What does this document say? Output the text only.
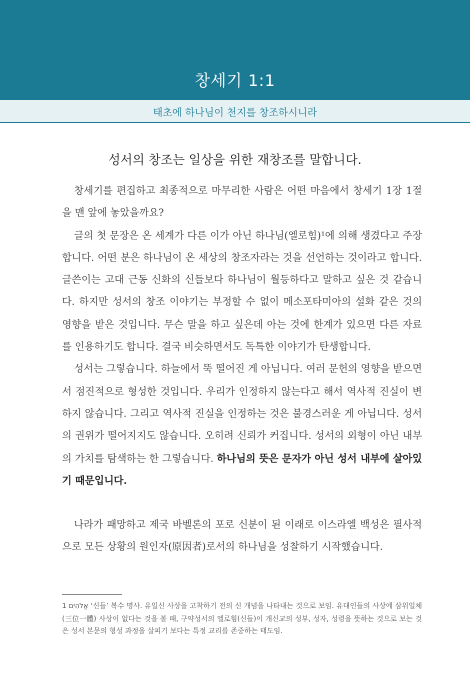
창세기 1:1
태초에 하나님이 천지를 창조하시니라
성서의 창조는 일상을 위한 재창조를 말합니다.

창세기를 편집하고 최종적으로 마무리한 사람은 어떤 마음에서 창세기 1장 1절을 맨 앞에 놓았을까요?

글의 첫 문장은 온 세계가 다른 이가 아닌 하나님(엘로힘)¹에 의해 생겼다고 주장합니다. 어떤 분은 하나님이 온 세상의 창조자라는 것을 선언하는 것이라고 합니다. 글쓴이는 고대 근동 신화의 신들보다 하나님이 월등하다고 말하고 싶은 것 같습니다. 하지만 성서의 창조 이야기는 부정할 수 없이 메소포타미아의 설화 같은 것의 영향을 받은 것입니다. 무슨 말을 하고 싶은데 아는 것에 한계가 있으면 다른 자료를 인용하기도 합니다. 결국 비슷하면서도 독특한 이야기가 탄생합니다.

성서는 그렇습니다. 하늘에서 뚝 떨어진 게 아닙니다. 여러 문헌의 영향을 받으면서 점진적으로 형성한 것입니다. 우리가 인정하지 않는다고 해서 역사적 진실이 변하지 않습니다. 그리고 역사적 진실을 인정하는 것은 불경스러운 게 아닙니다. 성서의 권위가 떨어지지도 않습니다. 오히려 신뢰가 커집니다. 성서의 외형이 아닌 내부의 가치를 탐색하는 한 그렇습니다. 하나님의 뜻은 문자가 아닌 성서 내부에 살아있기 때문입니다.

나라가 패망하고 제국 바벨론의 포로 신분이 된 이래로 이스라엘 백성은 필사적으로 모든 상황의 원인자(原因者)로서의 하나님을 성찰하기 시작했습니다.

1 אֱלֹהִים ‘신들’ 복수 명사. 유일신 사상을 고착하기 전의 신 개념을 나타내는 것으로 보임. 유대인들의 사상에 삼위일체(三位一體) 사상이 없다는 것을 볼 때, 구약성서의 엘로힘(신들)이 개신교의 성부, 성자, 성령을 뜻하는 것으로 보는 것은 성서 본문의 형성 과정을 살피기 보다는 특정 교리를 존중하는 태도임.
